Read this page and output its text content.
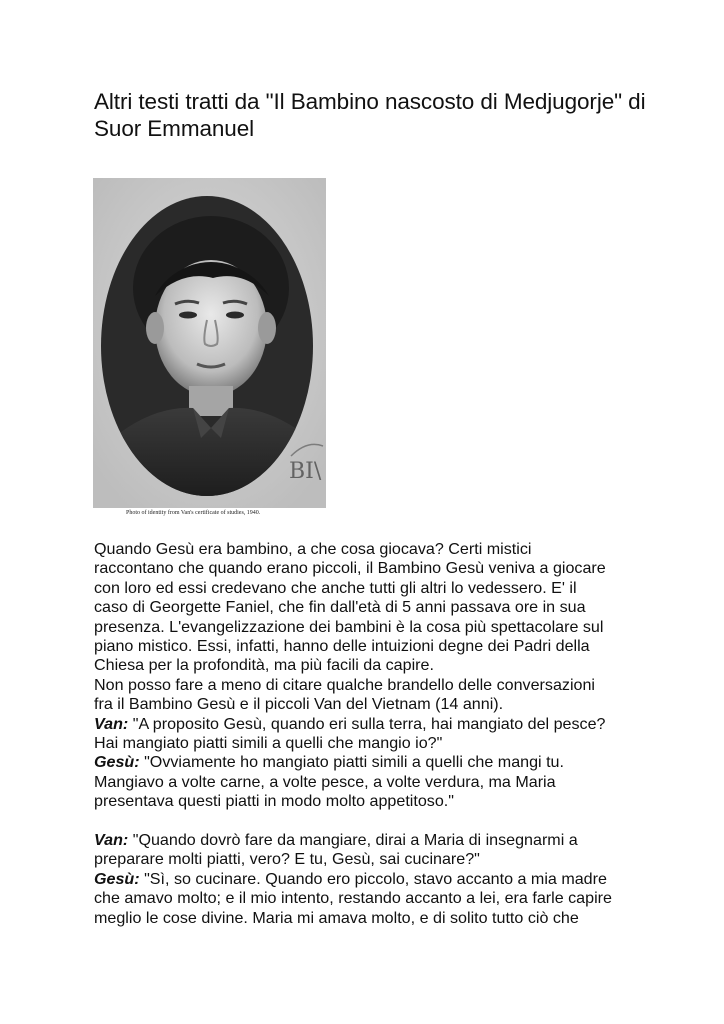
Altri testi tratti da "Il Bambino nascosto di Medjugorje" di
Suor Emmanuel
BI\
Photo of identity from Van's certificate of studies, 1940.
Quando Gesù era bambino, a che cosa giocava? Certi mistici
raccontano che quando erano piccoli, il Bambino Gesù veniva a giocare
con loro ed essi credevano che anche tutti gli altri lo vedessero. E' il
caso di Georgette Faniel, che fin dall'età di 5 anni passava ore in sua
presenza. L'evangelizzazione dei bambini è la cosa più spettacolare sul
piano mistico. Essi, infatti, hanno delle intuizioni degne dei Padri della
Chiesa per la profondità, ma più facili da capire.
Non posso fare a meno di citare qualche brandello delle conversazioni
fra il Bambino Gesù e il piccoli Van del Vietnam (14 anni).
Van: "A proposito Gesù, quando eri sulla terra, hai mangiato del pesce?
Hai mangiato piatti simili a quelli che mangio io?"
Gesù: "Ovviamente ho mangiato piatti simili a quelli che mangi tu.
Mangiavo a volte carne, a volte pesce, a volte verdura, ma Maria
presentava questi piatti in modo molto appetitoso."
Van: "Quando dovrò fare da mangiare, dirai a Maria di insegnarmi a
preparare molti piatti, vero? E tu, Gesù, sai cucinare?"
Gesù: "Sì, so cucinare. Quando ero piccolo, stavo accanto a mia madre
che amavo molto; e il mio intento, restando accanto a lei, era farle capire
meglio le cose divine. Maria mi amava molto, e di solito tutto ciò che
